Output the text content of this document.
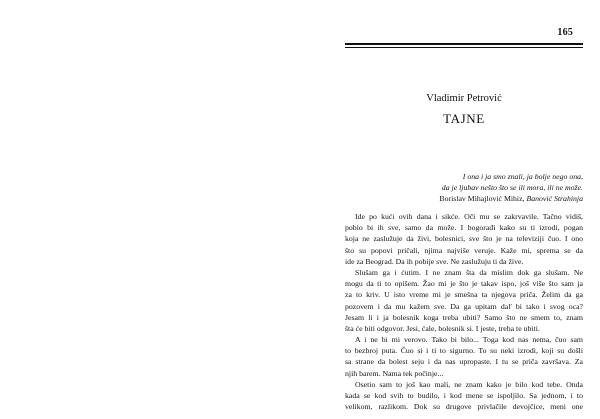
165
Vladimir Petrović
TAJNE
I ona i ja smo znali, ja bolje nego ona,
da je ljubav nešto što se ili mora, ili ne može.
Borislav Mihajlović Mihiz, Banović Strahinja
Ide po kući ovih dana i sikće. Oči mu se zakrvavile. Tačno vidiš,
pobio bi ih sve, samo da može. I bogorađi kako su ti izrodi, pogan
koja ne zaslužuje da živi, bolesnici, sve što je na televiziji čuo. I ono
što su popovi pričali, njima najviše veruje. Kaže mi, sprema se da
ide za Beograd. Da ih pobije sve. Ne zaslužuju ti da žive.
Slušam ga i ćutim. I ne znam šta da mislim dok ga slušam. Ne
mogu da ti to opišem. Žao mi je što je takav ispo, još više što sam ja
za to kriv. U isto vreme mi je smešna ta njegova priča. Želim da ga
pozovem i da mu kažem sve. Da ga upitam dal' bi tako i svog oca?
Jesam li i ja bolesnik koga treba ubiti? Samo što ne smem to, znam
šta će biti odgovor. Jesi, ćale, bolesnik si. I jeste, treba te ubiti.
A i ne bi mi verovo. Tako bi bilo... Toga kod nas nema, čuo sam
to bezbroj puta. Čuo si i ti to sigurno. To su neki izrodi, koji su došli
sa strane da bolest seju i da nas upropaste. I tu se priča završava. Za
njih barem. Nama tek počinje...
Osetio sam to još kao mali, ne znam kako je bilo kod tebe. Onda
kada se kod svih to budilo, i kod mene se ispoljilo. Sa jednom, i to
velikom, razlikom. Dok su drugove privlačile devojčice, meni one
